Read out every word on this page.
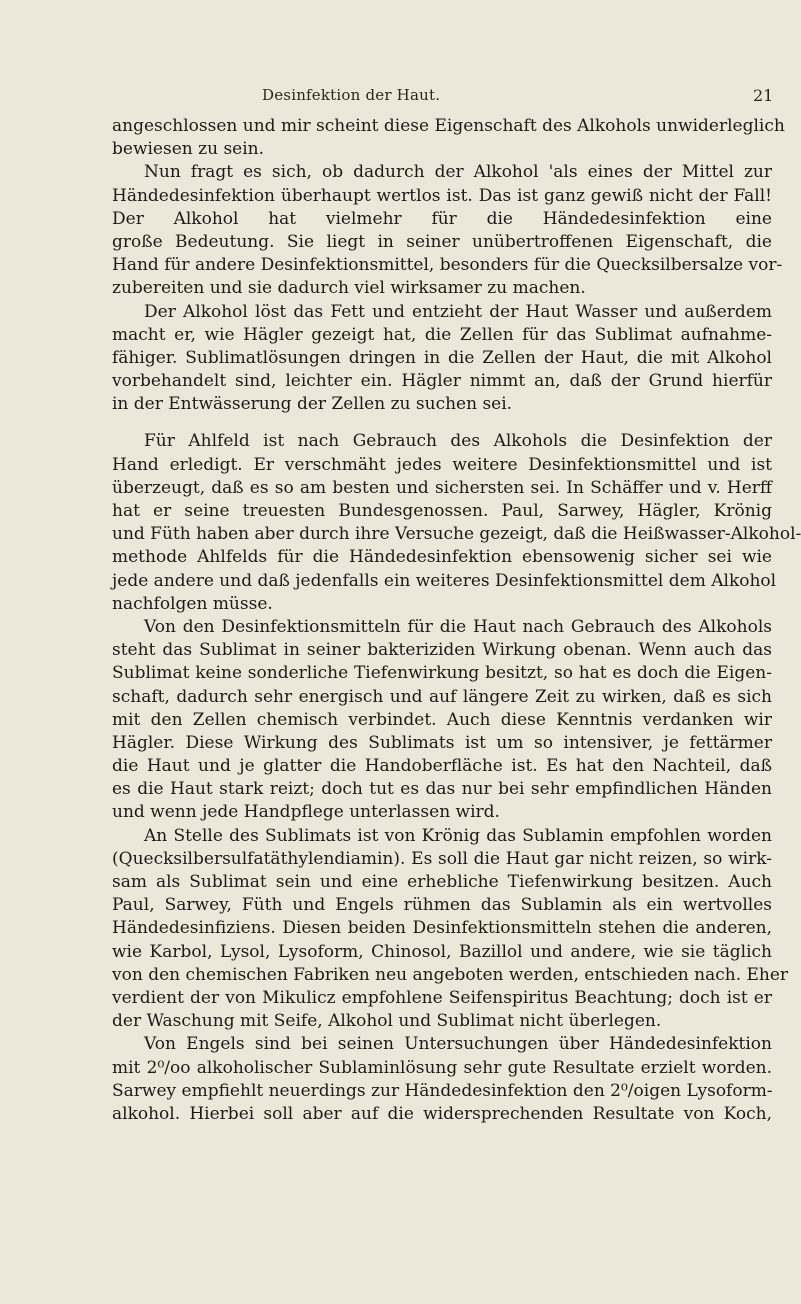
Desinfektion der Haut.	21
angeschlossen und mir scheint diese Eigenschaft des Alkohols unwiderleglich
bewiesen zu sein.
Nun fragt es sich, ob dadurch der Alkohol 'als eines der Mittel zur
Händedesinfektion überhaupt wertlos ist. Das ist ganz gewiß nicht der Fall!
Der Alkohol hat vielmehr für die Händedesinfektion eine
große Bedeutung. Sie liegt in seiner unübertroffenen Eigenschaft, die
Hand für andere Desinfektionsmittel, besonders für die Quecksilbersalze vor-
zubereiten und sie dadurch viel wirksamer zu machen.
Der Alkohol löst das Fett und entzieht der Haut Wasser und außerdem
macht er, wie Hägler gezeigt hat, die Zellen für das Sublimat aufnahme-
fähiger. Sublimatlösungen dringen in die Zellen der Haut, die mit Alkohol
vorbehandelt sind, leichter ein. Hägler nimmt an, daß der Grund hierfür
in der Entwässerung der Zellen zu suchen sei.
Für Ahlfeld ist nach Gebrauch des Alkohols die Desinfektion der
Hand erledigt. Er verschmäht jedes weitere Desinfektionsmittel und ist
überzeugt, daß es so am besten und sichersten sei. In Schäffer und v. Herff
hat er seine treuesten Bundesgenossen. Paul, Sarwey, Hägler, Krönig
und Füth haben aber durch ihre Versuche gezeigt, daß die Heißwasser-Alkohol-
methode Ahlfelds für die Händedesinfektion ebensowenig sicher sei wie
jede andere und daß jedenfalls ein weiteres Desinfektionsmittel dem Alkohol
nachfolgen müsse.
Von den Desinfektionsmitteln für die Haut nach Gebrauch des Alkohols
steht das Sublimat in seiner bakteriziden Wirkung obenan. Wenn auch das
Sublimat keine sonderliche Tiefenwirkung besitzt, so hat es doch die Eigen-
schaft, dadurch sehr energisch und auf längere Zeit zu wirken, daß es sich
mit den Zellen chemisch verbindet. Auch diese Kenntnis verdanken wir
Hägler. Diese Wirkung des Sublimats ist um so intensiver, je fettärmer
die Haut und je glatter die Handoberfläche ist. Es hat den Nachteil, daß
es die Haut stark reizt; doch tut es das nur bei sehr empfindlichen Händen
und wenn jede Handpflege unterlassen wird.
An Stelle des Sublimats ist von Krönig das Sublamin empfohlen worden
(Quecksilbersulfatäthylendiamin). Es soll die Haut gar nicht reizen, so wirk-
sam als Sublimat sein und eine erhebliche Tiefenwirkung besitzen. Auch
Paul, Sarwey, Füth und Engels rühmen das Sublamin als ein wertvolles
Händedesinfiziens. Diesen beiden Desinfektionsmitteln stehen die anderen,
wie Karbol, Lysol, Lysoform, Chinosol, Bazillol und andere, wie sie täglich
von den chemischen Fabriken neu angeboten werden, entschieden nach. Eher
verdient der von Mikulicz empfohlene Seifenspiritus Beachtung; doch ist er
der Waschung mit Seife, Alkohol und Sublimat nicht überlegen.
Von Engels sind bei seinen Untersuchungen über Händedesinfektion
mit 2⁰/oo alkoholischer Sublaminlösung sehr gute Resultate erzielt worden.
Sarwey empfiehlt neuerdings zur Händedesinfektion den 2⁰/oigen Lysoform-
alkohol. Hierbei soll aber auf die widersprechenden Resultate von Koch,
